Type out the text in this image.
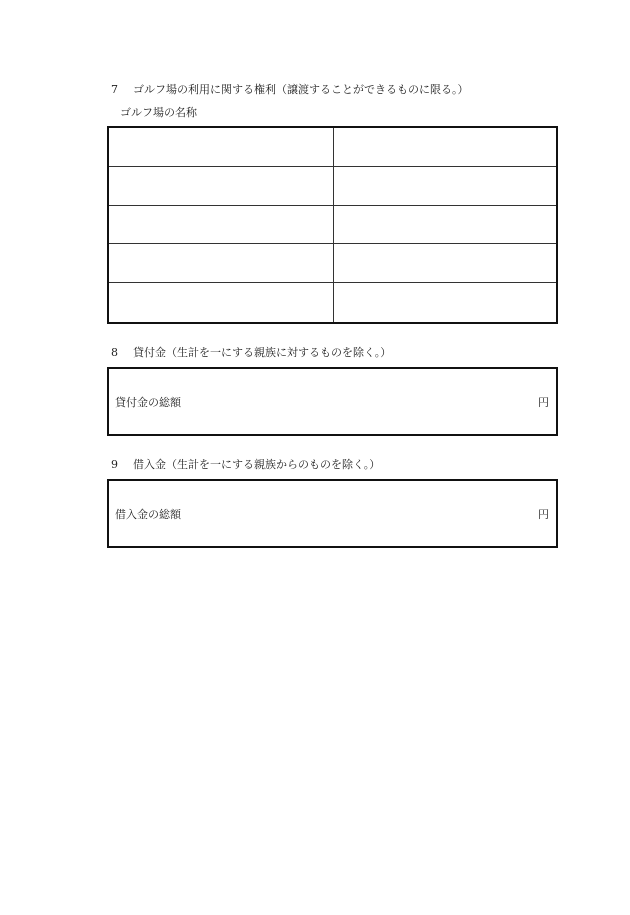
7 ゴルフ場の利用に関する権利（譲渡することができるものに限る。）
ゴルフ場の名称
8 貸付金（生計を一にする親族に対するものを除く。）
貸付金の総額	円
9 借入金（生計を一にする親族からのものを除く。）
借入金の総額	円
